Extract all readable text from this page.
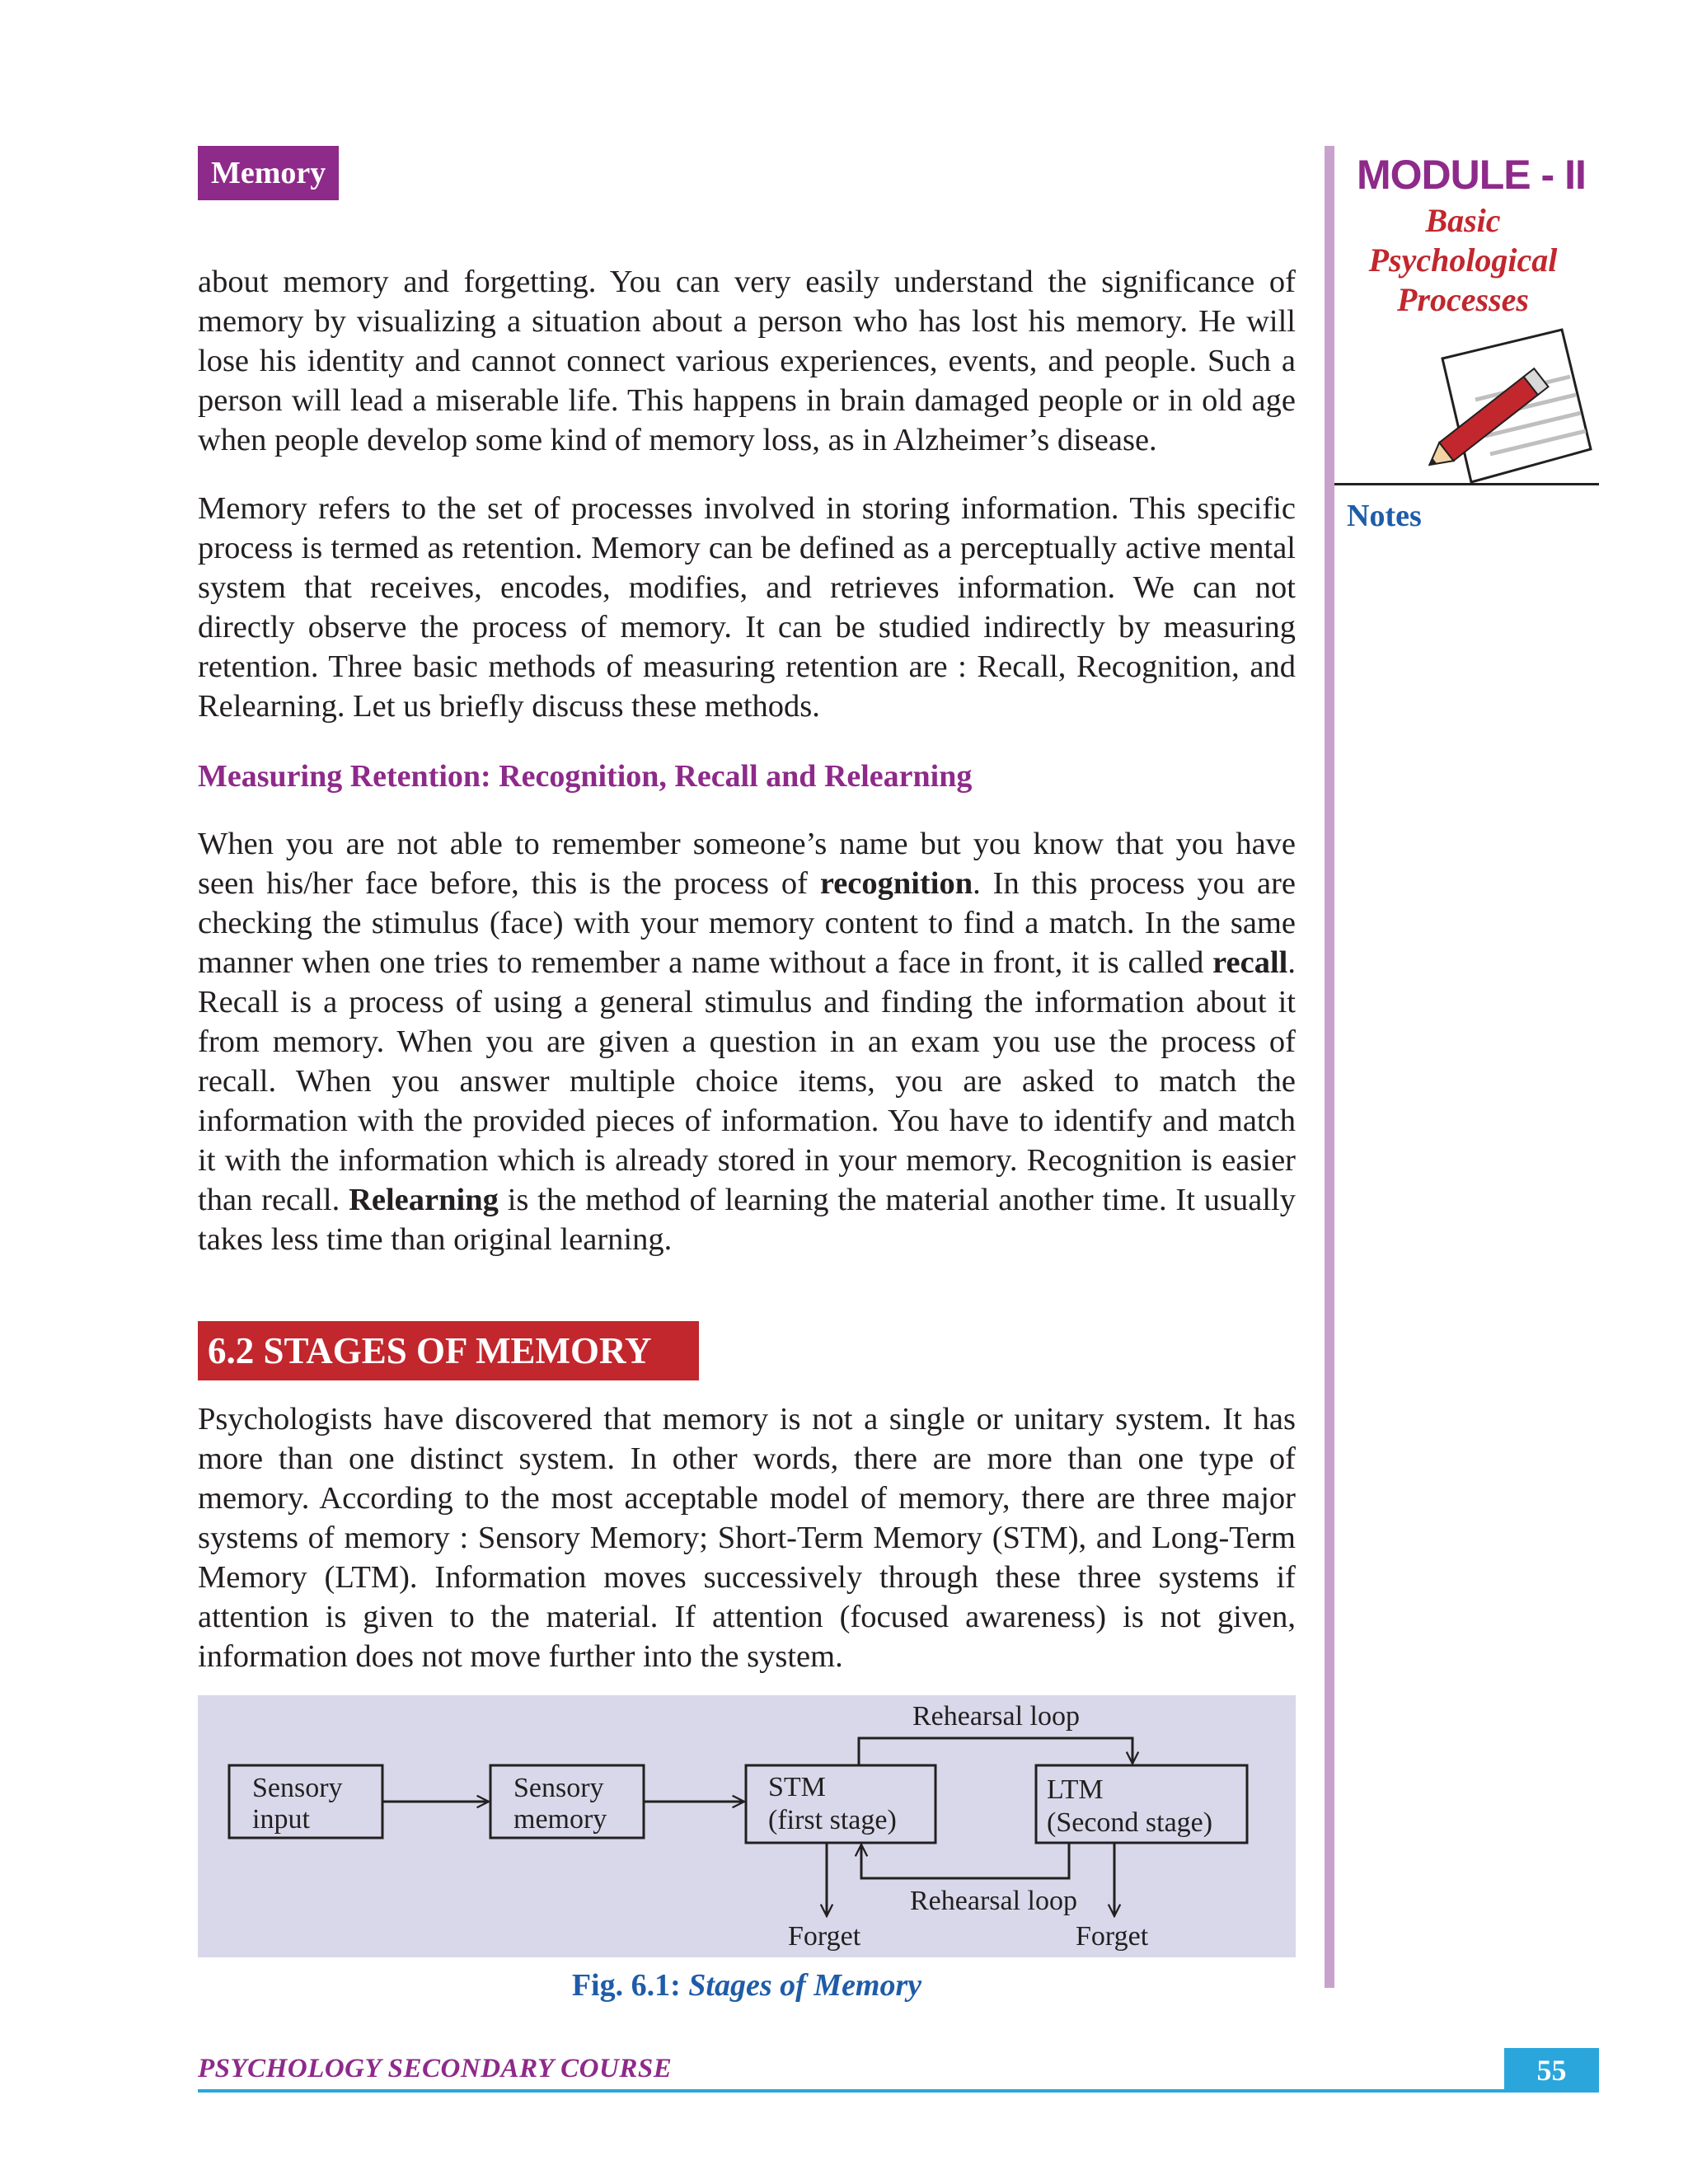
Memory	MODULE - II
Basic
Psychological
Processes
Notes

about memory and forgetting. You can very easily understand the significance of memory by visualizing a situation about a person who has lost his memory. He will lose his identity and cannot connect various experiences, events, and people. Such a person will lead a miserable life. This happens in brain damaged people or in old age when people develop some kind of memory loss, as in Alzheimer’s disease.

Memory refers to the set of processes involved in storing information. This specific process is termed as retention. Memory can be defined as a perceptually active mental system that receives, encodes, modifies, and retrieves information. We can not directly observe the process of memory. It can be studied indirectly by measuring retention. Three basic methods of measuring retention are : Recall, Recognition, and Relearning. Let us briefly discuss these methods.

Measuring Retention: Recognition, Recall and Relearning

When you are not able to remember someone’s name but you know that you have seen his/her face before, this is the process of recognition. In this process you are checking the stimulus (face) with your memory content to find a match. In the same manner when one tries to remember a name without a face in front, it is called recall. Recall is a process of using a general stimulus and finding the information about it from memory. When you are given a question in an exam you use the process of recall. When you answer multiple choice items, you are asked to match the information with the provided pieces of information. You have to identify and match it with the information which is already stored in your memory. Recognition is easier than recall. Relearning is the method of learning the material another time. It usually takes less time than original learning.

6.2 STAGES OF MEMORY

Psychologists have discovered that memory is not a single or unitary system. It has more than one distinct system. In other words, there are more than one type of memory. According to the most acceptable model of memory, there are three major systems of memory : Sensory Memory; Short-Term Memory (STM), and Long-Term Memory (LTM). Information moves successively through these three systems if attention is given to the material. If attention (focused awareness) is not given, information does not move further into the system.

Sensory
input
Sensory
memory
STM
(first stage)
LTM
(Second stage)
Rehearsal loop
Rehearsal loop
Forget	Forget
Fig. 6.1: Stages of Memory
PSYCHOLOGY SECONDARY COURSE	55
